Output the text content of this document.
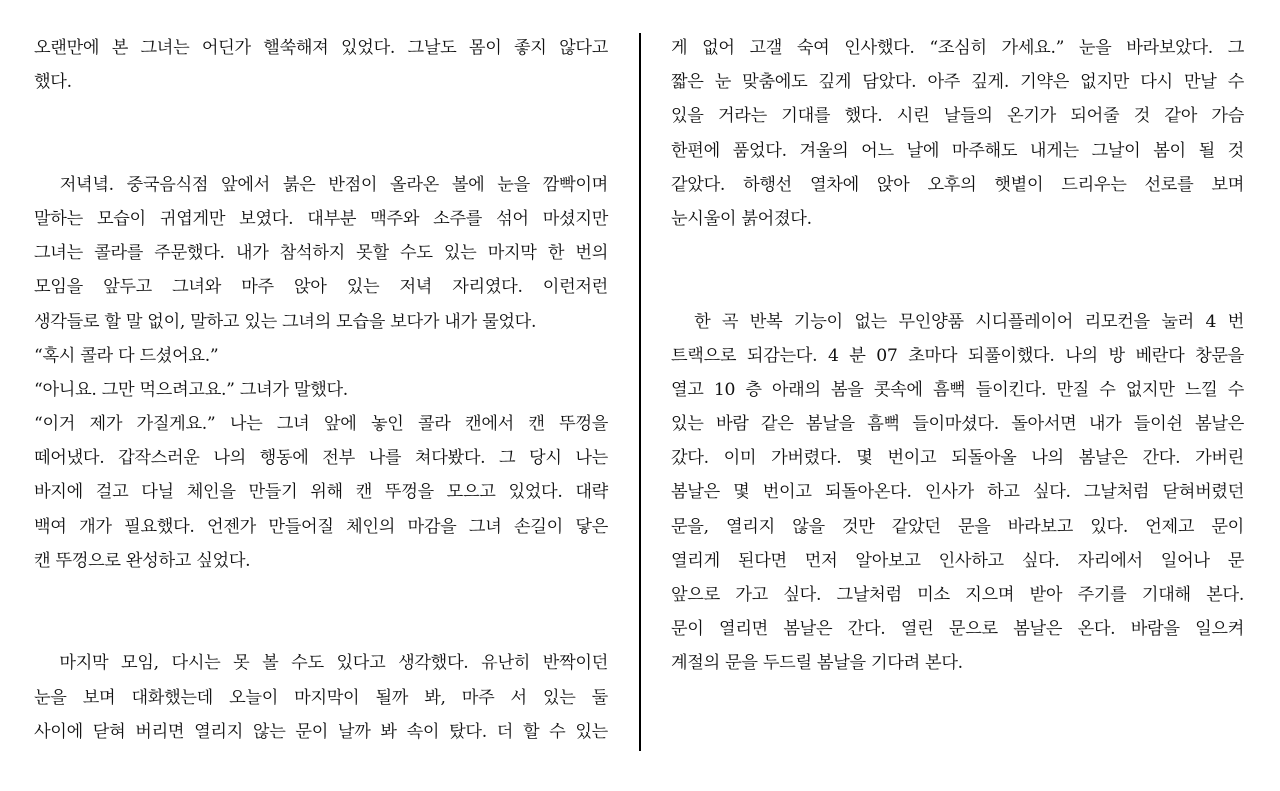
오랜만에 본 그녀는 어딘가 핼쑥해져 있었다. 그날도 몸이 좋지 않다고
했다.
저녁녘. 중국음식점 앞에서 붉은 반점이 올라온 볼에 눈을 깜빡이며
말하는 모습이 귀엽게만 보였다. 대부분 맥주와 소주를 섞어 마셨지만
그녀는 콜라를 주문했다. 내가 참석하지 못할 수도 있는 마지막 한 번의
모임을 앞두고 그녀와 마주 앉아 있는 저녁 자리였다. 이런저런
생각들로 할 말 없이, 말하고 있는 그녀의 모습을 보다가 내가 물었다.
“혹시 콜라 다 드셨어요.”
“아니요. 그만 먹으려고요.” 그녀가 말했다.
“이거 제가 가질게요.” 나는 그녀 앞에 놓인 콜라 캔에서 캔 뚜껑을
떼어냈다. 갑작스러운 나의 행동에 전부 나를 쳐다봤다. 그 당시 나는
바지에 걸고 다닐 체인을 만들기 위해 캔 뚜껑을 모으고 있었다. 대략
백여 개가 필요했다. 언젠가 만들어질 체인의 마감을 그녀 손길이 닿은
캔 뚜껑으로 완성하고 싶었다.
마지막 모임, 다시는 못 볼 수도 있다고 생각했다. 유난히 반짝이던
눈을 보며 대화했는데 오늘이 마지막이 될까 봐, 마주 서 있는 둘
사이에 닫혀 버리면 열리지 않는 문이 날까 봐 속이 탔다. 더 할 수 있는
게 없어 고갤 숙여 인사했다. “조심히 가세요.” 눈을 바라보았다. 그
짧은 눈 맞춤에도 깊게 담았다. 아주 깊게. 기약은 없지만 다시 만날 수
있을 거라는 기대를 했다. 시린 날들의 온기가 되어줄 것 같아 가슴
한편에 품었다. 겨울의 어느 날에 마주해도 내게는 그날이 봄이 될 것
같았다. 하행선 열차에 앉아 오후의 햇볕이 드리우는 선로를 보며
눈시울이 붉어졌다.
한 곡 반복 기능이 없는 무인양품 시디플레이어 리모컨을 눌러 4 번
트랙으로 되감는다. 4 분 07 초마다 되풀이했다. 나의 방 베란다 창문을
열고 10 층 아래의 봄을 콧속에 흠뻑 들이킨다. 만질 수 없지만 느낄 수
있는 바람 같은 봄날을 흠뻑 들이마셨다. 돌아서면 내가 들이쉰 봄날은
갔다. 이미 가버렸다. 몇 번이고 되돌아올 나의 봄날은 간다. 가버린
봄날은 몇 번이고 되돌아온다. 인사가 하고 싶다. 그날처럼 닫혀버렸던
문을, 열리지 않을 것만 같았던 문을 바라보고 있다. 언제고 문이
열리게 된다면 먼저 알아보고 인사하고 싶다. 자리에서 일어나 문
앞으로 가고 싶다. 그날처럼 미소 지으며 받아 주기를 기대해 본다.
문이 열리면 봄날은 간다. 열린 문으로 봄날은 온다. 바람을 일으켜
계절의 문을 두드릴 봄날을 기다려 본다.
